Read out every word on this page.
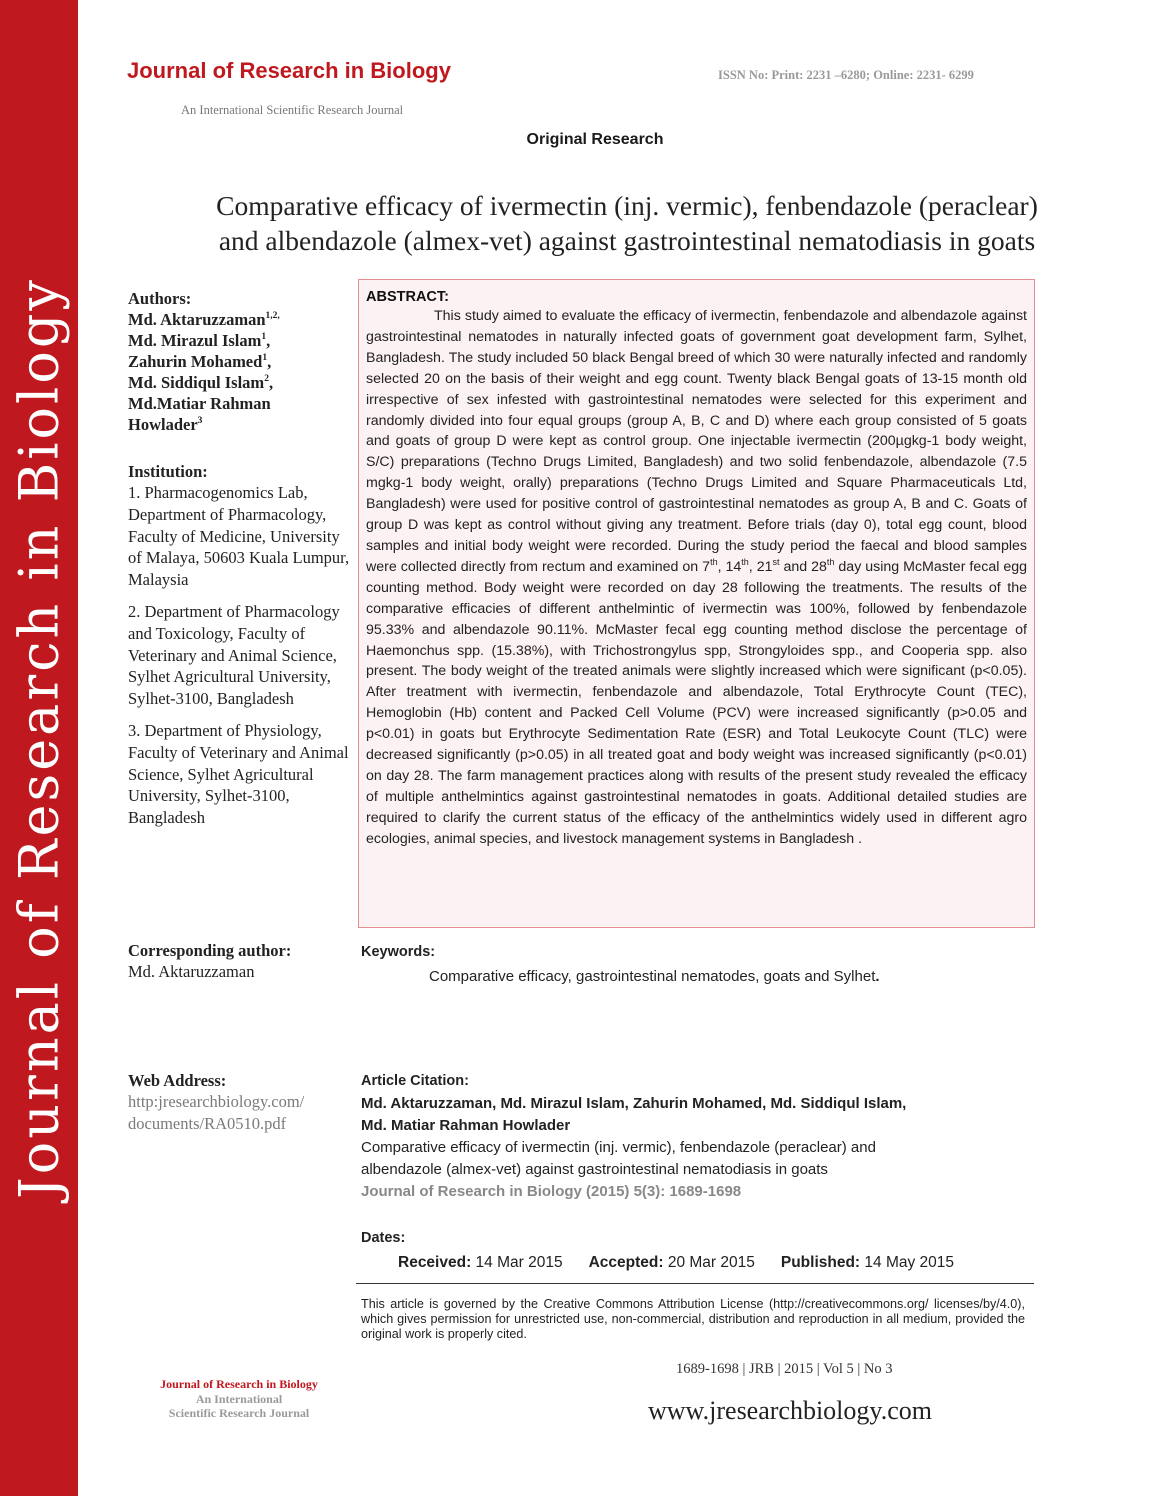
Journal of Research in Biology
Journal of Research in Biology
An International Scientific Research Journal
ISSN No: Print: 2231 –6280; Online: 2231- 6299
Original Research
Comparative efficacy of ivermectin (inj. vermic), fenbendazole (peraclear)
and albendazole (almex-vet) against gastrointestinal nematodiasis in goats
Authors:
Md. Aktaruzzaman$^{1,2,}$
Md. Mirazul Islam$^1$,
Zahurin Mohamed$^1$,
Md. Siddiqul Islam$^2$,
Md.Matiar Rahman
Howlader$^3$
Institution:
1. Pharmacogenomics Lab, Department of Pharmacology, Faculty of Medicine, University of Malaya, 50603 Kuala Lumpur, Malaysia
2. Department of Pharmacology and Toxicology, Faculty of Veterinary and Animal Science, Sylhet Agricultural University, Sylhet-3100, Bangladesh
3. Department of Physiology, Faculty of Veterinary and Animal Science, Sylhet Agricultural University, Sylhet-3100, Bangladesh
Corresponding author:
Md. Aktaruzzaman
Web Address:
http:jresearchbiology.com/ documents/RA0510.pdf
ABSTRACT:
This study aimed to evaluate the efficacy of ivermectin, fenbendazole and albendazole against gastrointestinal nematodes in naturally infected goats of government goat development farm, Sylhet, Bangladesh. The study included 50 black Bengal breed of which 30 were naturally infected and randomly selected 20 on the basis of their weight and egg count. Twenty black Bengal goats of 13-15 month old irrespective of sex infested with gastrointestinal nematodes were selected for this experiment and randomly divided into four equal groups (group A, B, C and D) where each group consisted of 5 goats and goats of group D were kept as control group. One injectable ivermectin (200µgkg-1 body weight, S/C) preparations (Techno Drugs Limited, Bangladesh) and two solid fenbendazole, albendazole (7.5 mgkg-1 body weight, orally) preparations (Techno Drugs Limited and Square Pharmaceuticals Ltd, Bangladesh) were used for positive control of gastrointestinal nematodes as group A, B and C. Goats of group D was kept as control without giving any treatment. Before trials (day 0), total egg count, blood samples and initial body weight were recorded. During the study period the faecal and blood samples were collected directly from rectum and examined on 7th, 14th, 21st and 28th day using McMaster fecal egg counting method. Body weight were recorded on day 28 following the treatments. The results of the comparative efficacies of different anthelmintic of ivermectin was 100%, followed by fenbendazole 95.33% and albendazole 90.11%. McMaster fecal egg counting method disclose the percentage of Haemonchus spp. (15.38%), with Trichostrongylus spp, Strongyloides spp., and Cooperia spp. also present. The body weight of the treated animals were slightly increased which were significant (p<0.05). After treatment with ivermectin, fenbendazole and albendazole, Total Erythrocyte Count (TEC), Hemoglobin (Hb) content and Packed Cell Volume (PCV) were increased significantly (p>0.05 and p<0.01) in goats but Erythrocyte Sedimentation Rate (ESR) and Total Leukocyte Count (TLC) were decreased significantly (p>0.05) in all treated goat and body weight was increased significantly (p<0.01) on day 28. The farm management practices along with results of the present study revealed the efficacy of multiple anthelmintics against gastrointestinal nematodes in goats. Additional detailed studies are required to clarify the current status of the efficacy of the anthelmintics widely used in different agro ecologies, animal species, and livestock management systems in Bangladesh .
Keywords:
Comparative efficacy, gastrointestinal nematodes, goats and Sylhet.
Article Citation:
Md. Aktaruzzaman, Md. Mirazul Islam, Zahurin Mohamed, Md. Siddiqul Islam,
Md. Matiar Rahman Howlader
Comparative efficacy of ivermectin (inj. vermic), fenbendazole (peraclear) and
albendazole (almex-vet) against gastrointestinal nematodiasis in goats
Journal of Research in Biology (2015) 5(3): 1689-1698
Dates:
Received: 14 Mar 2015 Accepted: 20 Mar 2015 Published: 14 May 2015
This article is governed by the Creative Commons Attribution License (http://creativecommons.org/ licenses/by/4.0), which gives permission for unrestricted use, non-commercial, distribution and reproduction in all medium, provided the original work is properly cited.
1689-1698 | JRB | 2015 | Vol 5 | No 3
www.jresearchbiology.com
Journal of Research in Biology
An International
Scientific Research Journal
